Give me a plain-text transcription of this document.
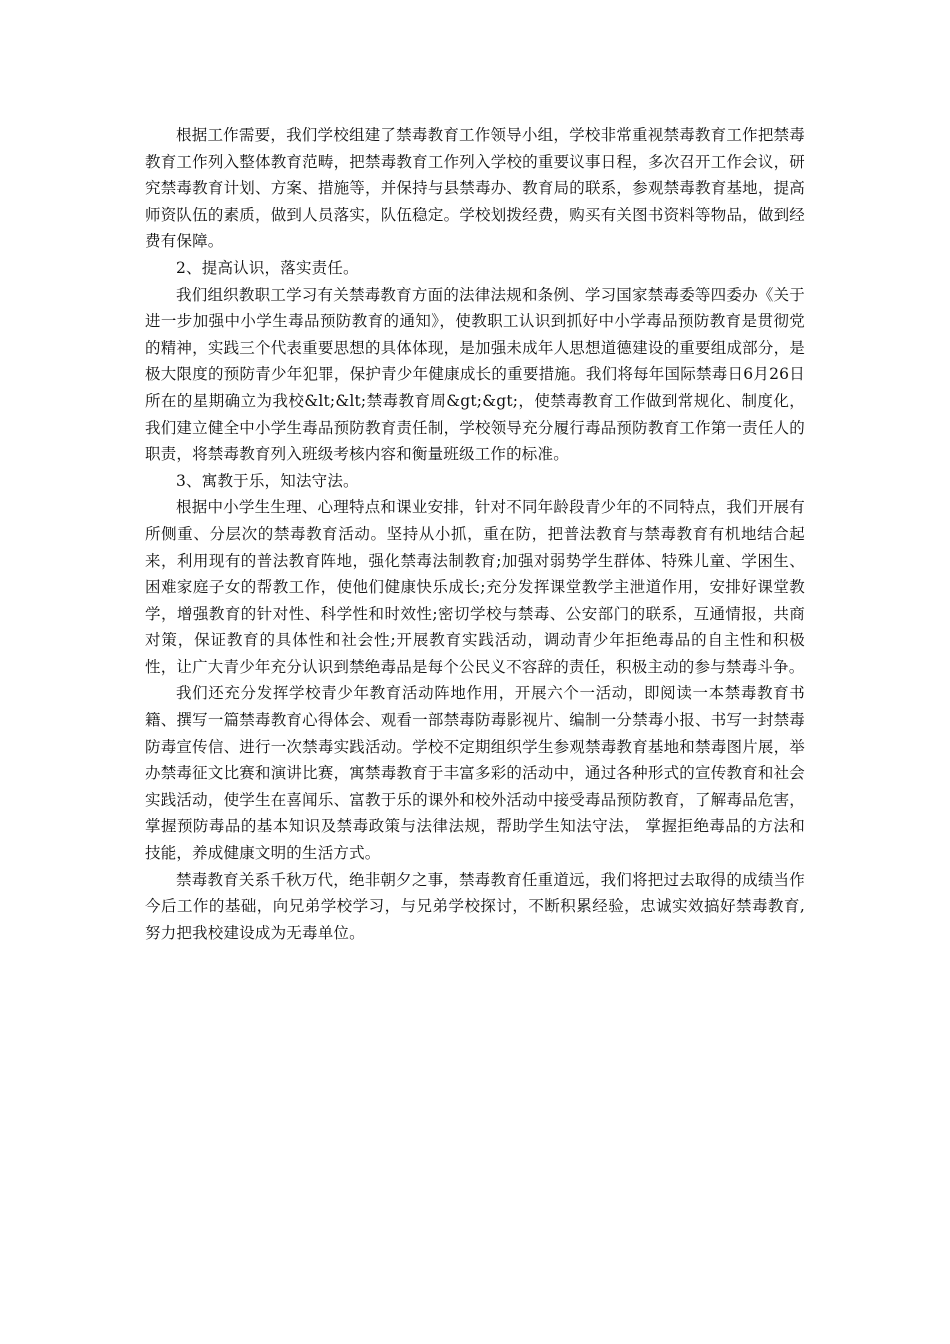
根据工作需要，我们学校组建了禁毒教育工作领导小组，学校非常重视禁毒教育工作把禁毒教育工作列入整体教育范畴，把禁毒教育工作列入学校的重要议事日程，多次召开工作会议，研究禁毒教育计划、方案、措施等，并保持与县禁毒办、教育局的联系，参观禁毒教育基地，提高师资队伍的素质，做到人员落实，队伍稳定。学校划拨经费，购买有关图书资料等物品，做到经费有保障。

2、提高认识，落实责任。

我们组织教职工学习有关禁毒教育方面的法律法规和条例、学习国家禁毒委等四委办《关于进一步加强中小学生毒品预防教育的通知》，使教职工认识到抓好中小学毒品预防教育是贯彻党的精神，实践三个代表重要思想的具体体现，是加强未成年人思想道德建设的重要组成部分，是极大限度的预防青少年犯罪，保护青少年健康成长的重要措施。我们将每年国际禁毒日6月26日所在的星期确立为我校&lt;&lt;禁毒教育周&gt;&gt;，使禁毒教育工作做到常规化、制度化，我们建立健全中小学生毒品预防教育责任制，学校领导充分履行毒品预防教育工作第一责任人的职责，将禁毒教育列入班级考核内容和衡量班级工作的标准。

3、寓教于乐，知法守法。

根据中小学生生理、心理特点和课业安排，针对不同年龄段青少年的不同特点，我们开展有所侧重、分层次的禁毒教育活动。坚持从小抓，重在防，把普法教育与禁毒教育有机地结合起来，利用现有的普法教育阵地，强化禁毒法制教育;加强对弱势学生群体、特殊儿童、学困生、困难家庭子女的帮教工作，使他们健康快乐成长;充分发挥课堂教学主泄道作用，安排好课堂教学，增强教育的针对性、科学性和时效性;密切学校与禁毒、公安部门的联系，互通情报，共商对策，保证教育的具体性和社会性;开展教育实践活动，调动青少年拒绝毒品的自主性和积极性，让广大青少年充分认识到禁绝毒品是每个公民义不容辞的责任，积极主动的参与禁毒斗争。

我们还充分发挥学校青少年教育活动阵地作用，开展六个一活动，即阅读一本禁毒教育书籍、撰写一篇禁毒教育心得体会、观看一部禁毒防毒影视片、编制一分禁毒小报、书写一封禁毒防毒宣传信、进行一次禁毒实践活动。学校不定期组织学生参观禁毒教育基地和禁毒图片展，举办禁毒征文比赛和演讲比赛，寓禁毒教育于丰富多彩的活动中，通过各种形式的宣传教育和社会实践活动，使学生在喜闻乐、富教于乐的课外和校外活动中接受毒品预防教育，了解毒品危害，掌握预防毒品的基本知识及禁毒政策与法律法规，帮助学生知法守法， 掌握拒绝毒品的方法和技能，养成健康文明的生活方式。

禁毒教育关系千秋万代，绝非朝夕之事，禁毒教育任重道远，我们将把过去取得的成绩当作今后工作的基础，向兄弟学校学习，与兄弟学校探讨，不断积累经验，忠诚实效搞好禁毒教育,努力把我校建设成为无毒单位。
